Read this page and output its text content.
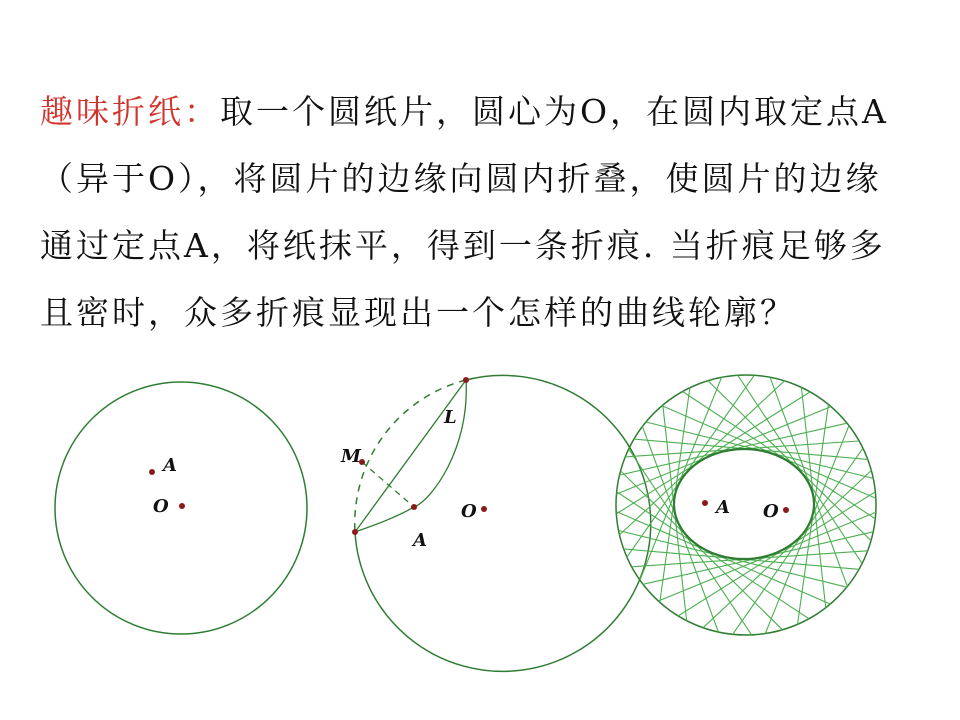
趣味折纸：取一个圆纸片，圆心为O，在圆内取定点A
（异于O），将圆片的边缘向圆内折叠，使圆片的边缘
通过定点A，将纸抹平，得到一条折痕. 当折痕足够多
且密时，众多折痕显现出一个怎样的曲线轮廓？
A
O
M
L
A
O	A O
